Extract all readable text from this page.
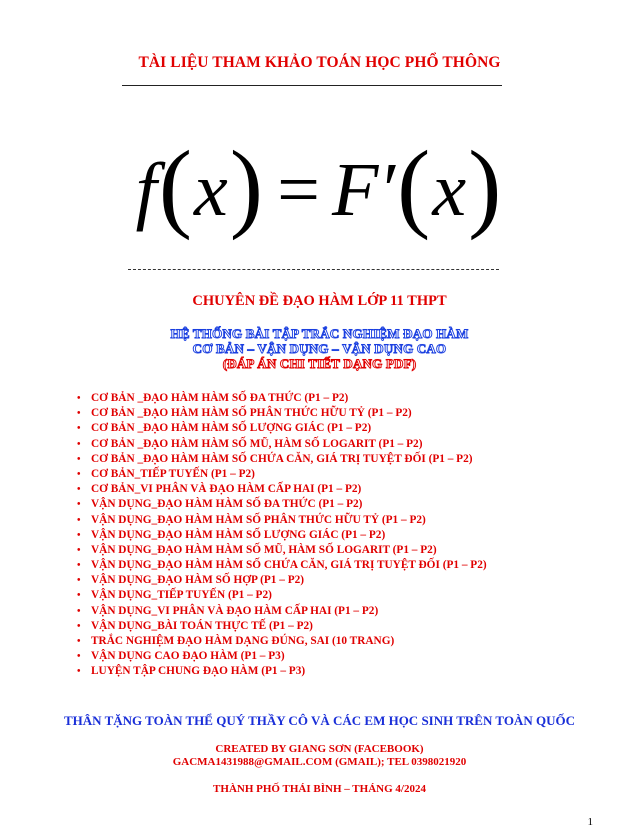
TÀI LIỆU THAM KHẢO TOÁN HỌC PHỔ THÔNG
f(x) = F′(x)
CHUYÊN ĐỀ ĐẠO HÀM LỚP 11 THPT
HỆ THỐNG BÀI TẬP TRẮC NGHIỆM ĐẠO HÀM
CƠ BẢN – VẬN DỤNG – VẬN DỤNG CAO
(ĐÁP ÁN CHI TIẾT DẠNG PDF)
• CƠ BẢN _ĐẠO HÀM HÀM SỐ ĐA THỨC (P1 – P2)
• CƠ BẢN _ĐẠO HÀM HÀM SỐ PHÂN THỨC HỮU TỶ (P1 – P2)
• CƠ BẢN _ĐẠO HÀM HÀM SỐ LƯỢNG GIÁC (P1 – P2)
• CƠ BẢN _ĐẠO HÀM HÀM SỐ MŨ, HÀM SỐ LOGARIT (P1 – P2)
• CƠ BẢN _ĐẠO HÀM HÀM SỐ CHỨA CĂN, GIÁ TRỊ TUYỆT ĐỐI (P1 – P2)
• CƠ BẢN_TIẾP TUYẾN (P1 – P2)
• CƠ BẢN_VI PHÂN VÀ ĐẠO HÀM CẤP HAI (P1 – P2)
• VẬN DỤNG_ĐẠO HÀM HÀM SỐ ĐA THỨC (P1 – P2)
• VẬN DỤNG_ĐẠO HÀM HÀM SỐ PHÂN THỨC HỮU TỶ (P1 – P2)
• VẬN DỤNG_ĐẠO HÀM HÀM SỐ LƯỢNG GIÁC (P1 – P2)
• VẬN DỤNG_ĐẠO HÀM HÀM SỐ MŨ, HÀM SỐ LOGARIT (P1 – P2)
• VẬN DỤNG_ĐẠO HÀM HÀM SỐ CHỨA CĂN, GIÁ TRỊ TUYỆT ĐỐI (P1 – P2)
• VẬN DỤNG_ĐẠO HÀM SỐ HỢP (P1 – P2)
• VẬN DỤNG_TIẾP TUYẾN (P1 – P2)
• VẬN DỤNG_VI PHÂN VÀ ĐẠO HÀM CẤP HAI (P1 – P2)
• VẬN DỤNG_BÀI TOÁN THỰC TẾ (P1 – P2)
• TRẮC NGHIỆM ĐẠO HÀM DẠNG ĐÚNG, SAI (10 TRANG)
• VẬN DỤNG CAO ĐẠO HÀM (P1 – P3)
• LUYỆN TẬP CHUNG ĐẠO HÀM (P1 – P3)
THÂN TẶNG TOÀN THỂ QUÝ THẦY CÔ VÀ CÁC EM HỌC SINH TRÊN TOÀN QUỐC
CREATED BY GIANG SƠN (FACEBOOK)
GACMA1431988@GMAIL.COM (GMAIL); TEL 0398021920
THÀNH PHỐ THÁI BÌNH – THÁNG 4/2024
1
